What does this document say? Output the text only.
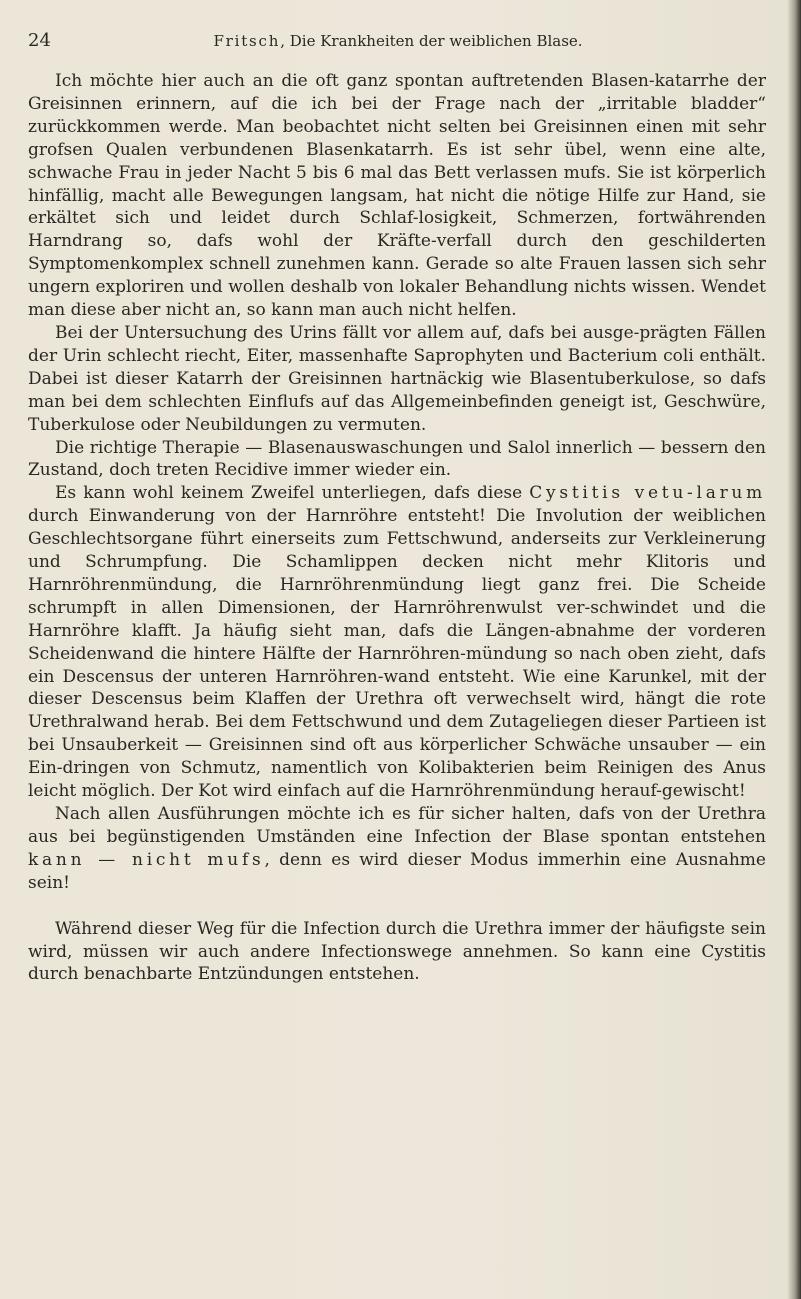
24	Fritsch, Die Krankheiten der weiblichen Blase.

Ich möchte hier auch an die oft ganz spontan auftretenden Blasen-katarrhe der Greisinnen erinnern, auf die ich bei der Frage nach der „irritable bladder“ zurückkommen werde. Man beobachtet nicht selten bei Greisinnen einen mit sehr grofsen Qualen verbundenen Blasenkatarrh. Es ist sehr übel, wenn eine alte, schwache Frau in jeder Nacht 5 bis 6 mal das Bett verlassen mufs. Sie ist körperlich hinfällig, macht alle Bewegungen langsam, hat nicht die nötige Hilfe zur Hand, sie erkältet sich und leidet durch Schlaf-losigkeit, Schmerzen, fortwährenden Harndrang so, dafs wohl der Kräfte-verfall durch den geschilderten Symptomenkomplex schnell zunehmen kann. Gerade so alte Frauen lassen sich sehr ungern exploriren und wollen deshalb von lokaler Behandlung nichts wissen. Wendet man diese aber nicht an, so kann man auch nicht helfen.

Bei der Untersuchung des Urins fällt vor allem auf, dafs bei ausge-prägten Fällen der Urin schlecht riecht, Eiter, massenhafte Saprophyten und Bacterium coli enthält. Dabei ist dieser Katarrh der Greisinnen hartnäckig wie Blasentuberkulose, so dafs man bei dem schlechten Einflufs auf das Allgemeinbefinden geneigt ist, Geschwüre, Tuberkulose oder Neubildungen zu vermuten.

Die richtige Therapie — Blasenauswaschungen und Salol innerlich — bessern den Zustand, doch treten Recidive immer wieder ein.

Es kann wohl keinem Zweifel unterliegen, dafs diese Cystitis vetu-larum durch Einwanderung von der Harnröhre entsteht! Die Involution der weiblichen Geschlechtsorgane führt einerseits zum Fettschwund, anderseits zur Verkleinerung und Schrumpfung. Die Schamlippen decken nicht mehr Klitoris und Harnröhrenmündung, die Harnröhrenmündung liegt ganz frei. Die Scheide schrumpft in allen Dimensionen, der Harnröhrenwulst ver-schwindet und die Harnröhre klafft. Ja häufig sieht man, dafs die Längen-abnahme der vorderen Scheidenwand die hintere Hälfte der Harnröhren-mündung so nach oben zieht, dafs ein Descensus der unteren Harnröhren-wand entsteht. Wie eine Karunkel, mit der dieser Descensus beim Klaffen der Urethra oft verwechselt wird, hängt die rote Urethralwand herab. Bei dem Fettschwund und dem Zutageliegen dieser Partieen ist bei Unsauberkeit — Greisinnen sind oft aus körperlicher Schwäche unsauber — ein Ein-dringen von Schmutz, namentlich von Kolibakterien beim Reinigen des Anus leicht möglich. Der Kot wird einfach auf die Harnröhrenmündung herauf-gewischt!

Nach allen Ausführungen möchte ich es für sicher halten, dafs von der Urethra aus bei begünstigenden Umständen eine Infection der Blase spontan entstehen kann — nicht mufs, denn es wird dieser Modus immerhin eine Ausnahme sein!

Während dieser Weg für die Infection durch die Urethra immer der häufigste sein wird, müssen wir auch andere Infectionswege annehmen. So kann eine Cystitis durch benachbarte Entzündungen entstehen.
